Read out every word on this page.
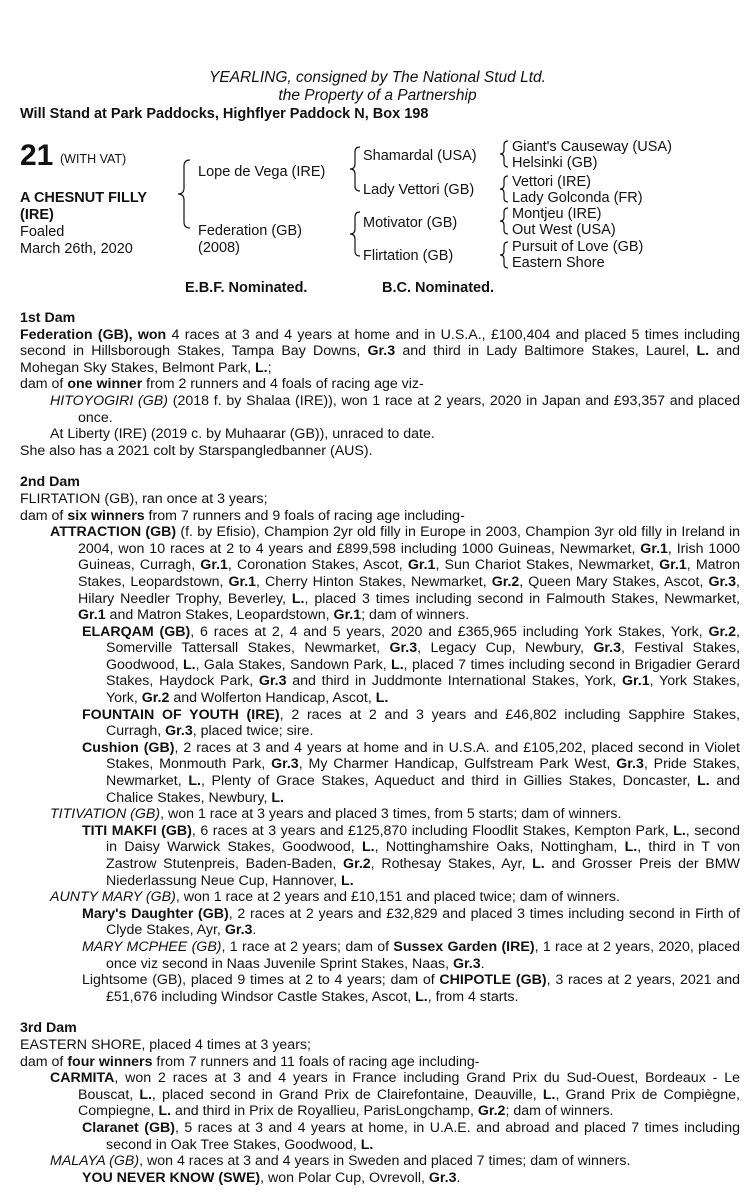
YEARLING, consigned by The National Stud Ltd.
the Property of a Partnership
Will Stand at Park Paddocks, Highflyer Paddock N, Box 198
21 (WITH VAT)
A CHESNUT FILLY
(IRE)
Foaled
March 26th, 2020
Lope de Vega (IRE)
Federation (GB)
(2008)
Shamardal (USA)
Lady Vettori (GB)
Motivator (GB)
Flirtation (GB)
Giant's Causeway (USA)
Helsinki (GB)
Vettori (IRE)
Lady Golconda (FR)
Montjeu (IRE)
Out West (USA)
Pursuit of Love (GB)
Eastern Shore
E.B.F. Nominated.	B.C. Nominated.

1st Dam

Federation (GB), won 4 races at 3 and 4 years at home and in U.S.A., £100,404 and placed 5 times including second in Hillsborough Stakes, Tampa Bay Downs, Gr.3 and third in Lady Baltimore Stakes, Laurel, L. and Mohegan Sky Stakes, Belmont Park, L.;

dam of one winner from 2 runners and 4 foals of racing age viz-

HITOYOGIRI (GB) (2018 f. by Shalaa (IRE)), won 1 race at 2 years, 2020 in Japan and £93,357 and placed once.

At Liberty (IRE) (2019 c. by Muhaarar (GB)), unraced to date.

She also has a 2021 colt by Starspangledbanner (AUS).

2nd Dam

FLIRTATION (GB), ran once at 3 years;

dam of six winners from 7 runners and 9 foals of racing age including-

ATTRACTION (GB) (f. by Efisio), Champion 2yr old filly in Europe in 2003, Champion 3yr old filly in Ireland in 2004, won 10 races at 2 to 4 years and £899,598 including 1000 Guineas, Newmarket, Gr.1, Irish 1000 Guineas, Curragh, Gr.1, Coronation Stakes, Ascot, Gr.1, Sun Chariot Stakes, Newmarket, Gr.1, Matron Stakes, Leopardstown, Gr.1, Cherry Hinton Stakes, Newmarket, Gr.2, Queen Mary Stakes, Ascot, Gr.3, Hilary Needler Trophy, Beverley, L., placed 3 times including second in Falmouth Stakes, Newmarket, Gr.1 and Matron Stakes, Leopardstown, Gr.1; dam of winners.

ELARQAM (GB), 6 races at 2, 4 and 5 years, 2020 and £365,965 including York Stakes, York, Gr.2, Somerville Tattersall Stakes, Newmarket, Gr.3, Legacy Cup, Newbury, Gr.3, Festival Stakes, Goodwood, L., Gala Stakes, Sandown Park, L., placed 7 times including second in Brigadier Gerard Stakes, Haydock Park, Gr.3 and third in Juddmonte International Stakes, York, Gr.1, York Stakes, York, Gr.2 and Wolferton Handicap, Ascot, L.

FOUNTAIN OF YOUTH (IRE), 2 races at 2 and 3 years and £46,802 including Sapphire Stakes, Curragh, Gr.3, placed twice; sire.

Cushion (GB), 2 races at 3 and 4 years at home and in U.S.A. and £105,202, placed second in Violet Stakes, Monmouth Park, Gr.3, My Charmer Handicap, Gulfstream Park West, Gr.3, Pride Stakes, Newmarket, L., Plenty of Grace Stakes, Aqueduct and third in Gillies Stakes, Doncaster, L. and Chalice Stakes, Newbury, L.

TITIVATION (GB), won 1 race at 3 years and placed 3 times, from 5 starts; dam of winners.

TITI MAKFI (GB), 6 races at 3 years and £125,870 including Floodlit Stakes, Kempton Park, L., second in Daisy Warwick Stakes, Goodwood, L., Nottinghamshire Oaks, Nottingham, L., third in T von Zastrow Stutenpreis, Baden-Baden, Gr.2, Rothesay Stakes, Ayr, L. and Grosser Preis der BMW Niederlassung Neue Cup, Hannover, L.

AUNTY MARY (GB), won 1 race at 2 years and £10,151 and placed twice; dam of winners.

Mary's Daughter (GB), 2 races at 2 years and £32,829 and placed 3 times including second in Firth of Clyde Stakes, Ayr, Gr.3.

MARY MCPHEE (GB), 1 race at 2 years; dam of Sussex Garden (IRE), 1 race at 2 years, 2020, placed once viz second in Naas Juvenile Sprint Stakes, Naas, Gr.3.

Lightsome (GB), placed 9 times at 2 to 4 years; dam of CHIPOTLE (GB), 3 races at 2 years, 2021 and £51,676 including Windsor Castle Stakes, Ascot, L., from 4 starts.

3rd Dam

EASTERN SHORE, placed 4 times at 3 years;

dam of four winners from 7 runners and 11 foals of racing age including-

CARMITA, won 2 races at 3 and 4 years in France including Grand Prix du Sud-Ouest, Bordeaux - Le Bouscat, L., placed second in Grand Prix de Clairefontaine, Deauville, L., Grand Prix de Compiègne, Compiegne, L. and third in Prix de Royallieu, ParisLongchamp, Gr.2; dam of winners.

Claranet (GB), 5 races at 3 and 4 years at home, in U.A.E. and abroad and placed 7 times including second in Oak Tree Stakes, Goodwood, L.

MALAYA (GB), won 4 races at 3 and 4 years in Sweden and placed 7 times; dam of winners.

YOU NEVER KNOW (SWE), won Polar Cup, Ovrevoll, Gr.3.
